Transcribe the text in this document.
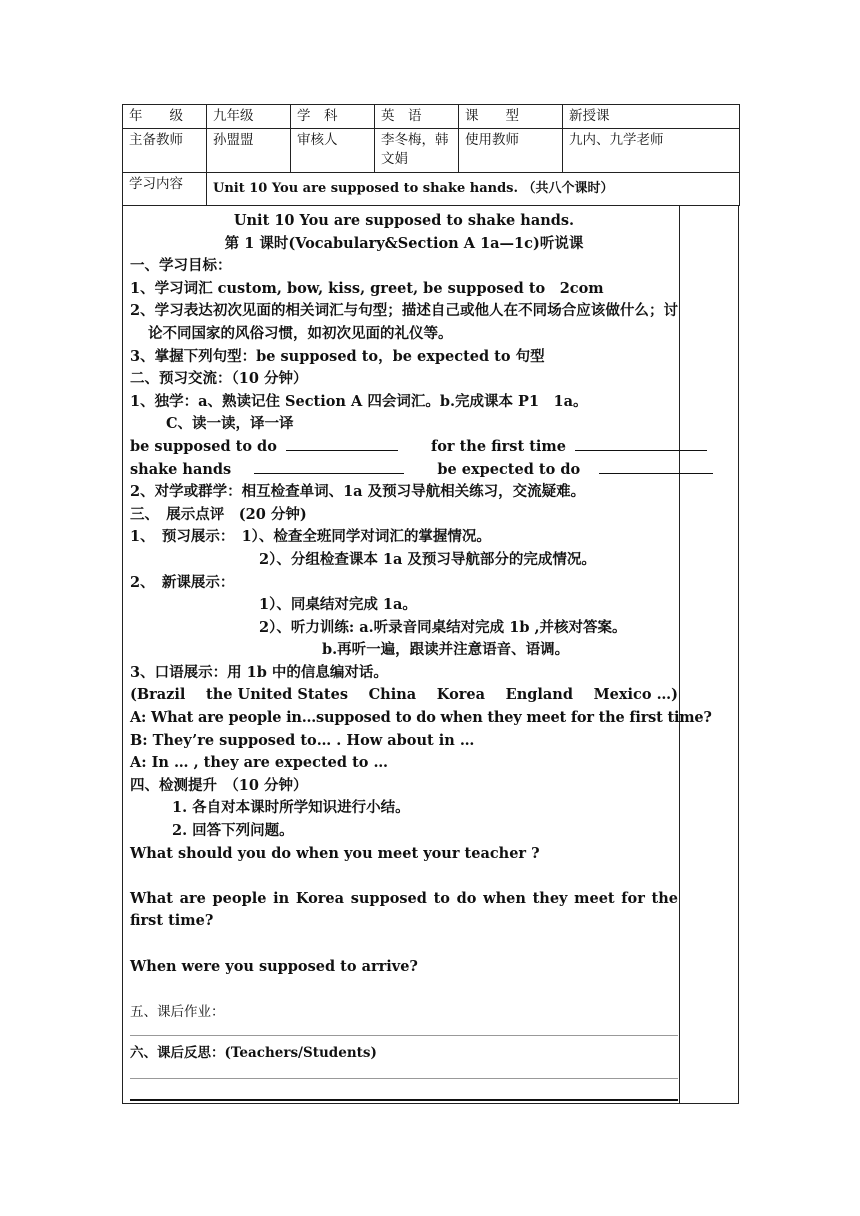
年　　级	九年级	学　科	英　语	课　　型	新授课
主备教师	孙盟盟	审核人	李冬梅，韩文娟	使用教师	九内、九学老师
学习内容	Unit 10 You are supposed to shake hands. （共八个课时）				

Unit 10 You are supposed to shake hands.

第 1 课时(Vocabulary&Section A 1a—1c)听说课

一、学习目标：

1、学习词汇 custom, bow, kiss, greet, be supposed to　2com

2、学习表达初次见面的相关词汇与句型；描述自己或他人在不同场合应该做什么；讨论不同国家的风俗习惯，如初次见面的礼仪等。

3、掌握下列句型：be supposed to，be expected to 句型

二、预习交流：（10 分钟）

1、独学：a、熟读记住 Section A 四会词汇。b.完成课本 P1　1a。

C、读一读，译一译

be supposed to do	for the first time

shake hands	be expected to do

2、对学或群学：相互检查单词、1a 及预习导航相关练习，交流疑难。

三、　展示点评　(20 分钟)

1、　预习展示：　1）、检查全班同学对词汇的掌握情况。

2）、分组检查课本 1a 及预习导航部分的完成情况。

2、　新课展示：

1）、同桌结对完成 1a。

2）、听力训练: a.听录音同桌结对完成 1b ,并核对答案。

b.再听一遍，跟读并注意语音、语调。

3、口语展示：用 1b 中的信息编对话。

(Brazil the United States China Korea England Mexico …)

A: What are people in…supposed to do when they meet for the first time?

B: They’re supposed to… . How about in …

A: In … , they are expected to …

四、检测提升　（10 分钟）

1. 各自对本课时所学知识进行小结。

2. 回答下列问题。

What should you do when you meet your teacher ?

What are people in Korea supposed to do when they meet for the first time?

When were you supposed to arrive?

五、课后作业：

六、课后反思：(Teachers/Students)
